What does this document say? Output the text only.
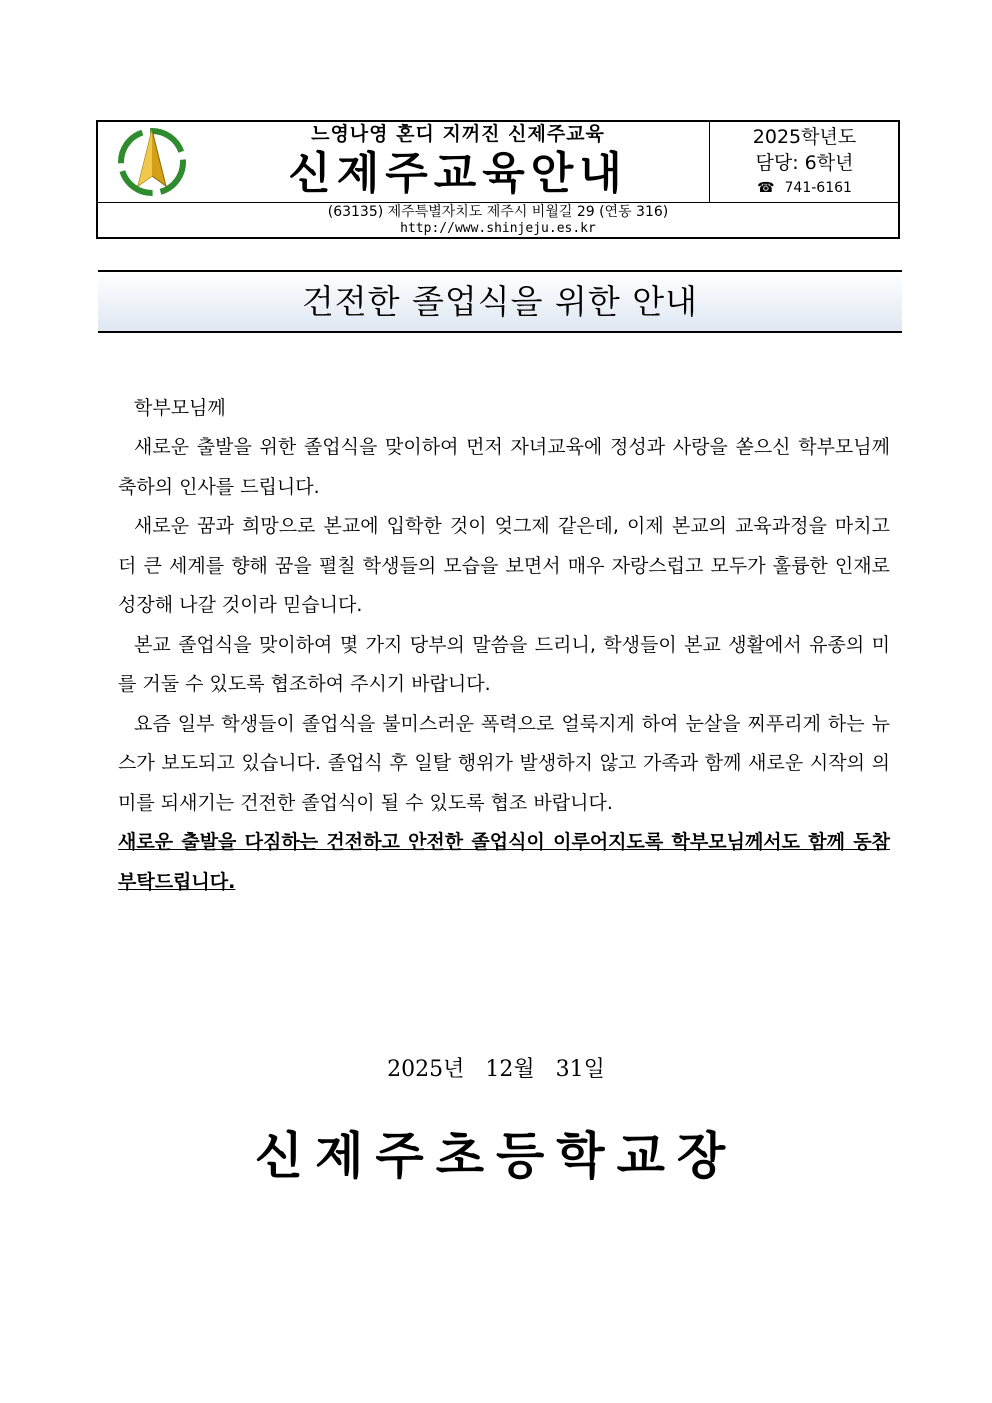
느영나영 혼디 지꺼진 신제주교육
신제주교육안내
2025학년도
담당: 6학년
☎ 741-6161
(63135) 제주특별자치도 제주시 비월길 29 (연동 316)
http://www.shinjeju.es.kr
건전한 졸업식을 위한 안내
학부모님께

새로운 출발을 위한 졸업식을 맞이하여 먼저 자녀교육에 정성과 사랑을 쏟으신 학부모님께 축하의 인사를 드립니다.

새로운 꿈과 희망으로 본교에 입학한 것이 엊그제 같은데, 이제 본교의 교육과정을 마치고 더 큰 세계를 향해 꿈을 펼칠 학생들의 모습을 보면서 매우 자랑스럽고 모두가 훌륭한 인재로 성장해 나갈 것이라 믿습니다.

본교 졸업식을 맞이하여 몇 가지 당부의 말씀을 드리니, 학생들이 본교 생활에서 유종의 미를 거둘 수 있도록 협조하여 주시기 바랍니다.

요즘 일부 학생들이 졸업식을 불미스러운 폭력으로 얼룩지게 하여 눈살을 찌푸리게 하는 뉴스가 보도되고 있습니다. 졸업식 후 일탈 행위가 발생하지 않고 가족과 함께 새로운 시작의 의미를 되새기는 건전한 졸업식이 될 수 있도록 협조 바랍니다.

새로운 출발을 다짐하는 건전하고 안전한 졸업식이 이루어지도록 학부모님께서도 함께 동참 부탁드립니다.

2025년 12월 31일
신제주초등학교장
